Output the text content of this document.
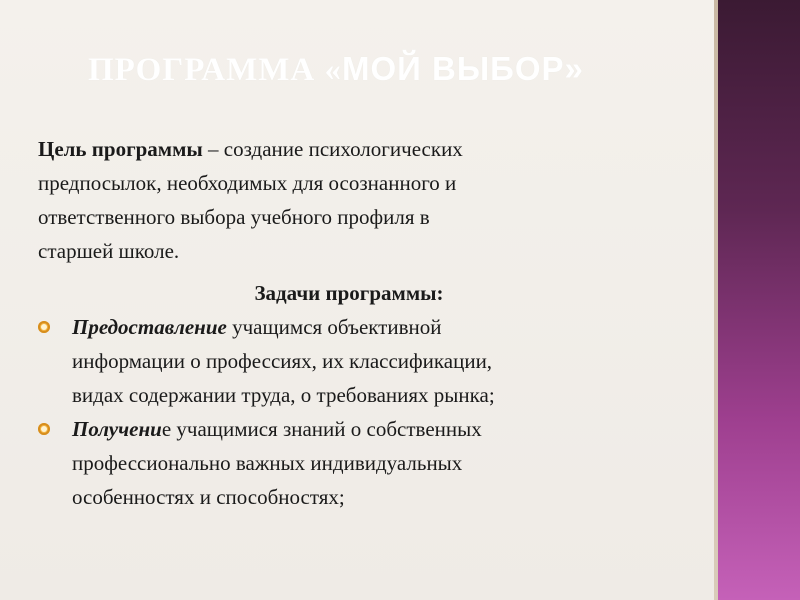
ПРОГРАММА «МОЙ ВЫБОР»

Цель программы – создание психологических
предпосылок, необходимых для осознанного и
ответственного выбора учебного профиля в
старшей школе.

Задачи программы:

Предоставление учащимся объективной
информации о профессиях, их классификации,
видах содержании труда, о требованиях рынка;

Получение учащимися знаний о собственных
профессионально важных индивидуальных
особенностях и способностях;
